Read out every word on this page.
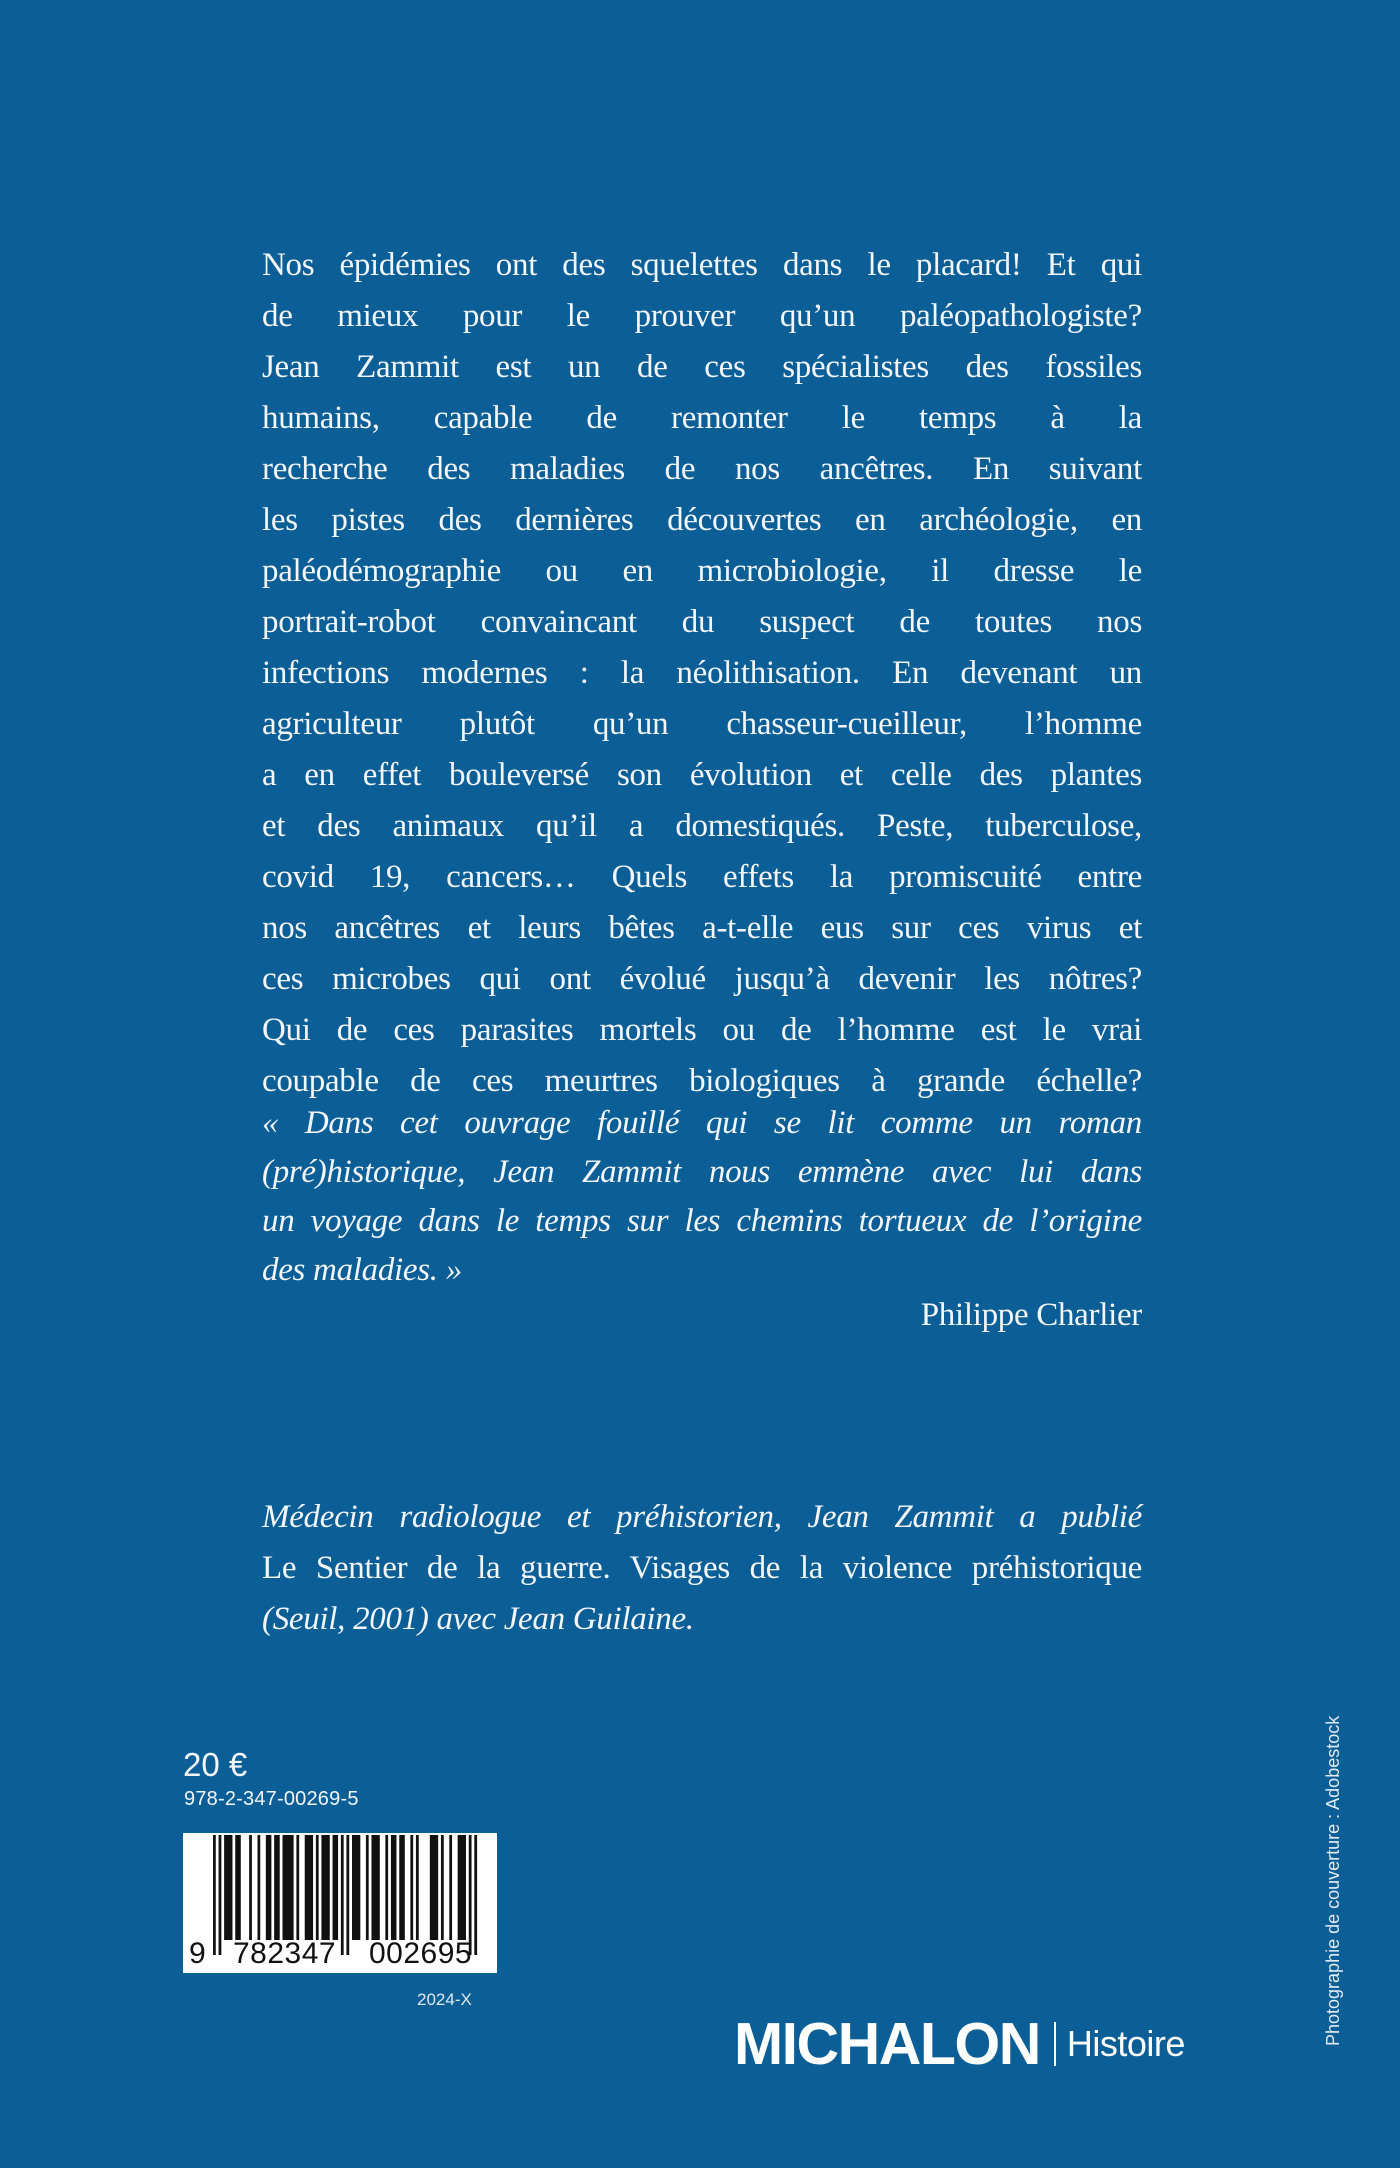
Nos épidémies ont des squelettes dans le placard! Et qui
de mieux pour le prouver qu’un paléopathologiste?
Jean Zammit est un de ces spécialistes des fossiles
humains, capable de remonter le temps à la
recherche des maladies de nos ancêtres. En suivant
les pistes des dernières découvertes en archéologie, en
paléodémographie ou en microbiologie, il dresse le
portrait-robot convaincant du suspect de toutes nos
infections modernes : la néolithisation. En devenant un
agriculteur plutôt qu’un chasseur-cueilleur, l’homme
a en effet bouleversé son évolution et celle des plantes
et des animaux qu’il a domestiqués. Peste, tuberculose,
covid 19, cancers… Quels effets la promiscuité entre
nos ancêtres et leurs bêtes a-t-elle eus sur ces virus et
ces microbes qui ont évolué jusqu’à devenir les nôtres?
Qui de ces parasites mortels ou de l’homme est le vrai
coupable de ces meurtres biologiques à grande échelle?
« Dans cet ouvrage fouillé qui se lit comme un roman
(pré)historique, Jean Zammit nous emmène avec lui dans
un voyage dans le temps sur les chemins tortueux de l’origine
des maladies. »
Philippe Charlier
Médecin radiologue et préhistorien, Jean Zammit a publié
Le Sentier de la guerre. Visages de la violence préhistorique
(Seuil, 2001) avec Jean Guilaine.
20 €
978-2-347-00269-5
9 782347 002695
2024-X
MICHALON Histoire	Photographie de couverture : Adobestock
